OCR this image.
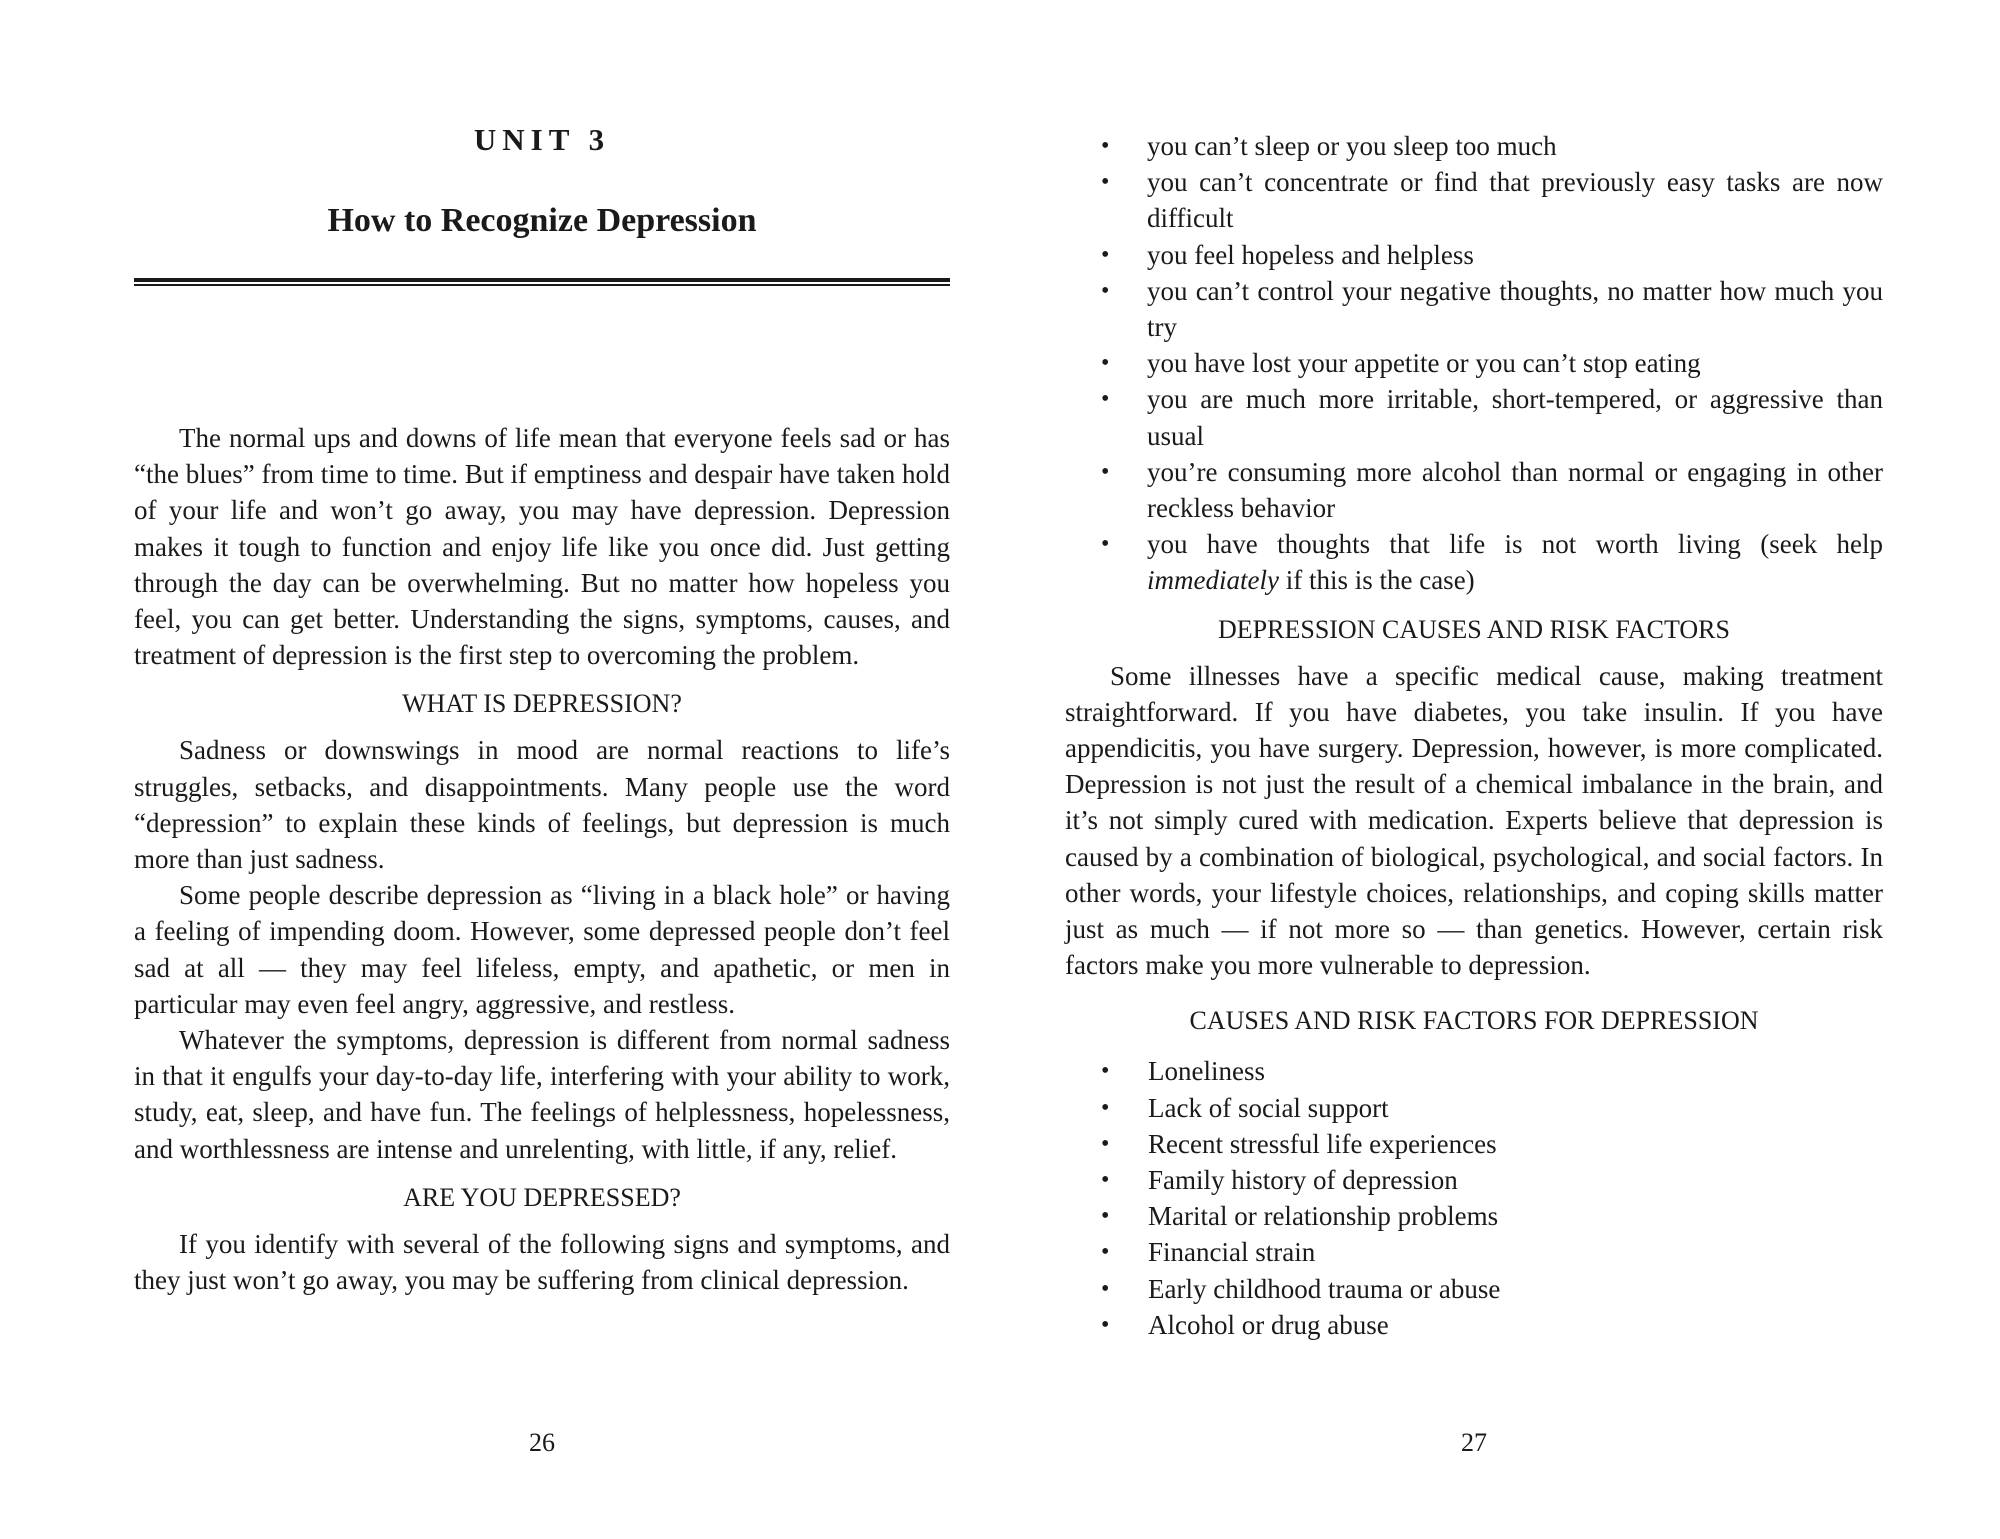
UNIT 3
How to Recognize Depression

The normal ups and downs of life mean that everyone feels sad or has “the blues” from time to time. But if emptiness and despair have taken hold of your life and won’t go away, you may have depression. Depression makes it tough to function and enjoy life like you once did. Just getting through the day can be overwhelming. But no matter how hopeless you feel, you can get better. Understanding the signs, symptoms, causes, and treatment of depression is the first step to overcoming the problem.

WHAT IS DEPRESSION?

Sadness or downswings in mood are normal reactions to life’s struggles, setbacks, and disappointments. Many people use the word “depression” to explain these kinds of feelings, but depression is much more than just sadness.

Some people describe depression as “living in a black hole” or having a feeling of impending doom. However, some depressed people don’t feel sad at all — they may feel lifeless, empty, and apathetic, or men in particular may even feel angry, aggressive, and restless.

Whatever the symptoms, depression is different from normal sadness in that it engulfs your day-to-day life, interfering with your ability to work, study, eat, sleep, and have fun. The feelings of helplessness, hopelessness, and worthlessness are intense and unrelenting, with little, if any, relief.

ARE YOU DEPRESSED?

If you identify with several of the following signs and symptoms, and they just won’t go away, you may be suffering from clinical depression.

26
• you can’t sleep or you sleep too much
• you can’t concentrate or find that previously easy tasks are now difficult
• you feel hopeless and helpless
• you can’t control your negative thoughts, no matter how much you try
• you have lost your appetite or you can’t stop eating
• you are much more irritable, short-tempered, or aggressive than usual
• you’re consuming more alcohol than normal or engaging in other reckless behavior
• you have thoughts that life is not worth living (seek help immediately if this is the case)
DEPRESSION CAUSES AND RISK FACTORS

Some illnesses have a specific medical cause, making treatment straightforward. If you have diabetes, you take insulin. If you have appendicitis, you have surgery. Depression, however, is more complicated. Depression is not just the result of a chemical imbalance in the brain, and it’s not simply cured with medication. Experts believe that depression is caused by a combination of biological, psychological, and social factors. In other words, your lifestyle choices, relationships, and coping skills matter just as much — if not more so — than genetics. However, certain risk factors make you more vulnerable to depression.

CAUSES AND RISK FACTORS FOR DEPRESSION
• Loneliness
• Lack of social support
• Recent stressful life experiences
• Family history of depression
• Marital or relationship problems
• Financial strain
• Early childhood trauma or abuse
• Alcohol or drug abuse
27
